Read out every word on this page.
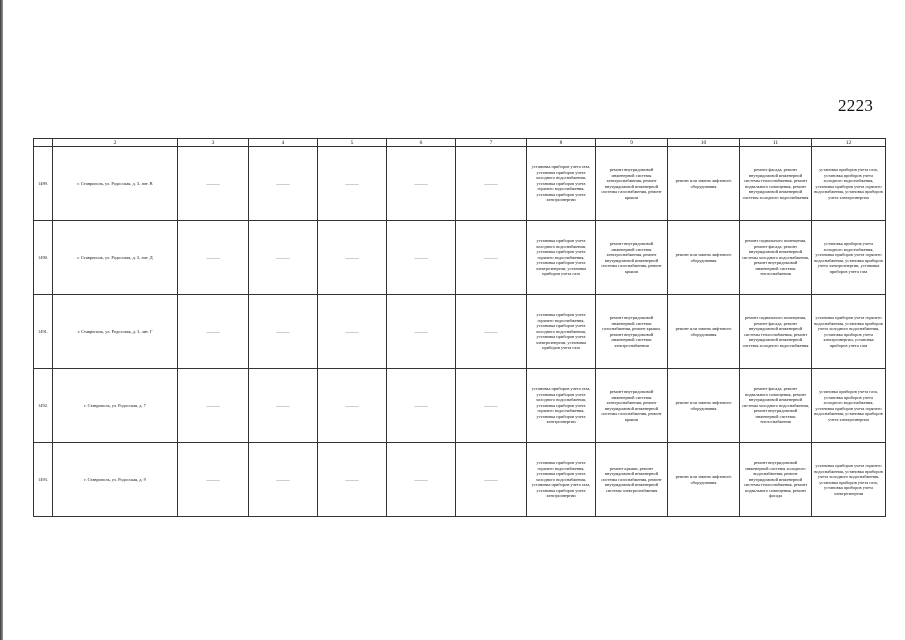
2223
	2	3	4	5	6	7	8	9	10	11	12
1489.	г. Ставрополь, ул. Родосская, д. 3, лит. В	———	———	———	———	———	установка приборов учета газа, установка приборов учета холодного водоснабжения, установка приборов учета горячего водоснабжения, установка приборов учета электроэнергии	ремонт внутридомовой инженерной системы электроснабжения, ремонт внутридомовой инженерной системы газоснабжения, ремонт крыши	ремонт или замена лифтового оборудования	ремонт фасада, ремонт внутридомовой инженерной системы теплоснабжения, ремонт подвального помещения, ремонт внутридомовой инженерной системы холодного водоснабжения	установка приборов учета газа, установка приборов учета холодного водоснабжения, установка приборов учета горячего водоснабжения, установка приборов учета электроэнергии
1490.	г. Ставрополь, ул. Родосская, д. 3, лит. Д	———	———	———	———	———	установка приборов учета холодного водоснабжения, установка приборов учета горячего водоснабжения, установка приборов учета электроэнергии, установка приборов учета газа	ремонт внутридомовой инженерной системы электроснабжения, ремонт внутридомовой инженерной системы газоснабжения, ремонт крыши	ремонт или замена лифтового оборудования	ремонт подвального помещения, ремонт фасада, ремонт внутридомовой инженерной системы холодного водоснабжения, ремонт внутридомовой инженерной системы теплоснабжения	установка приборов учета холодного водоснабжения, установка приборов учета горячего водоснабжения, установка приборов учета электроэнергии, установка приборов учета газа
1491.	г. Ставрополь, ул. Родосская, д. 3, лит. Г	———	———	———	———	———	установка приборов учета горячего водоснабжения, установка приборов учета холодного водоснабжения, установка приборов учета электроэнергии, установка приборов учета газа	ремонт внутридомовой инженерной системы газоснабжения, ремонт крыши, ремонт внутридомовой инженерной системы электроснабжения	ремонт или замена лифтового оборудования	ремонт подвального помещения, ремонт фасада, ремонт внутридомовой инженерной системы теплоснабжения, ремонт внутридомовой инженерной системы холодного водоснабжения	установка приборов учета горячего водоснабжения, установка приборов учета холодного водоснабжения, установка приборов учета электроэнергии, установка приборов учета газа
1492.	г. Ставрополь, ул. Родосская, д. 7	———	———	———	———	———	установка приборов учета газа, установка приборов учета холодного водоснабжения, установка приборов учета горячего водоснабжения, установка приборов учета электроэнергии	ремонт внутридомовой инженерной системы электроснабжения, ремонт внутридомовой инженерной системы газоснабжения, ремонт крыши	ремонт или замена лифтового оборудования	ремонт фасада, ремонт подвального помещения, ремонт внутридомовой инженерной системы холодного водоснабжения, ремонт внутридомовой инженерной системы теплоснабжения	установка приборов учета газа, установка приборов учета холодного водоснабжения, установка приборов учета горячего водоснабжения, установка приборов учета электроэнергии
1493.	г. Ставрополь, ул. Родосская, д. 9	———	———	———	———	———	установка приборов учета горячего водоснабжения, установка приборов учета холодного водоснабжения, установка приборов учета газа, установка приборов учета электроэнергии	ремонт крыши, ремонт внутридомовой инженерной системы газоснабжения, ремонт внутридомовой инженерной системы электроснабжения	ремонт или замена лифтового оборудования	ремонт внутридомовой инженерной системы холодного водоснабжения, ремонт внутридомовой инженерной системы теплоснабжения, ремонт подвального помещения, ремонт фасада	установка приборов учета горячего водоснабжения, установка приборов учета холодного водоснабжения, установка приборов учета газа, установка приборов учета электроэнергии
